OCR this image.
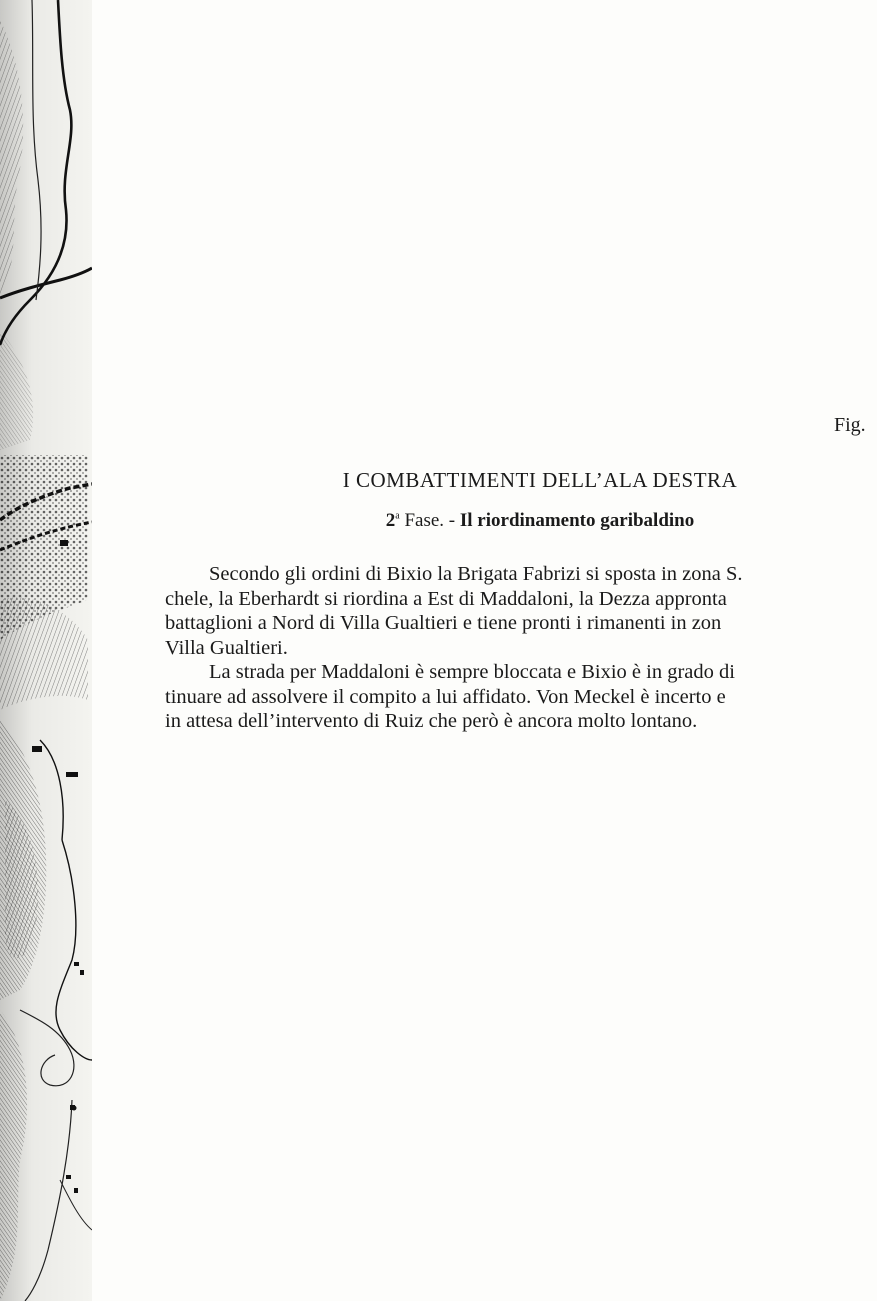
Fig.
I COMBATTIMENTI DELL’ALA DESTRA
2$^a$ Fase. - Il riordinamento garibaldino
Secondo gli ordini di Bixio la Brigata Fabrizi si sposta in zona S.
chele, la Eberhardt si riordina a Est di Maddaloni, la Dezza appronta
battaglioni a Nord di Villa Gualtieri e tiene pronti i rimanenti in zon
Villa Gualtieri.
La strada per Maddaloni è sempre bloccata e Bixio è in grado di
tinuare ad assolvere il compito a lui affidato. Von Meckel è incerto e
in attesa dell’intervento di Ruiz che però è ancora molto lontano.
